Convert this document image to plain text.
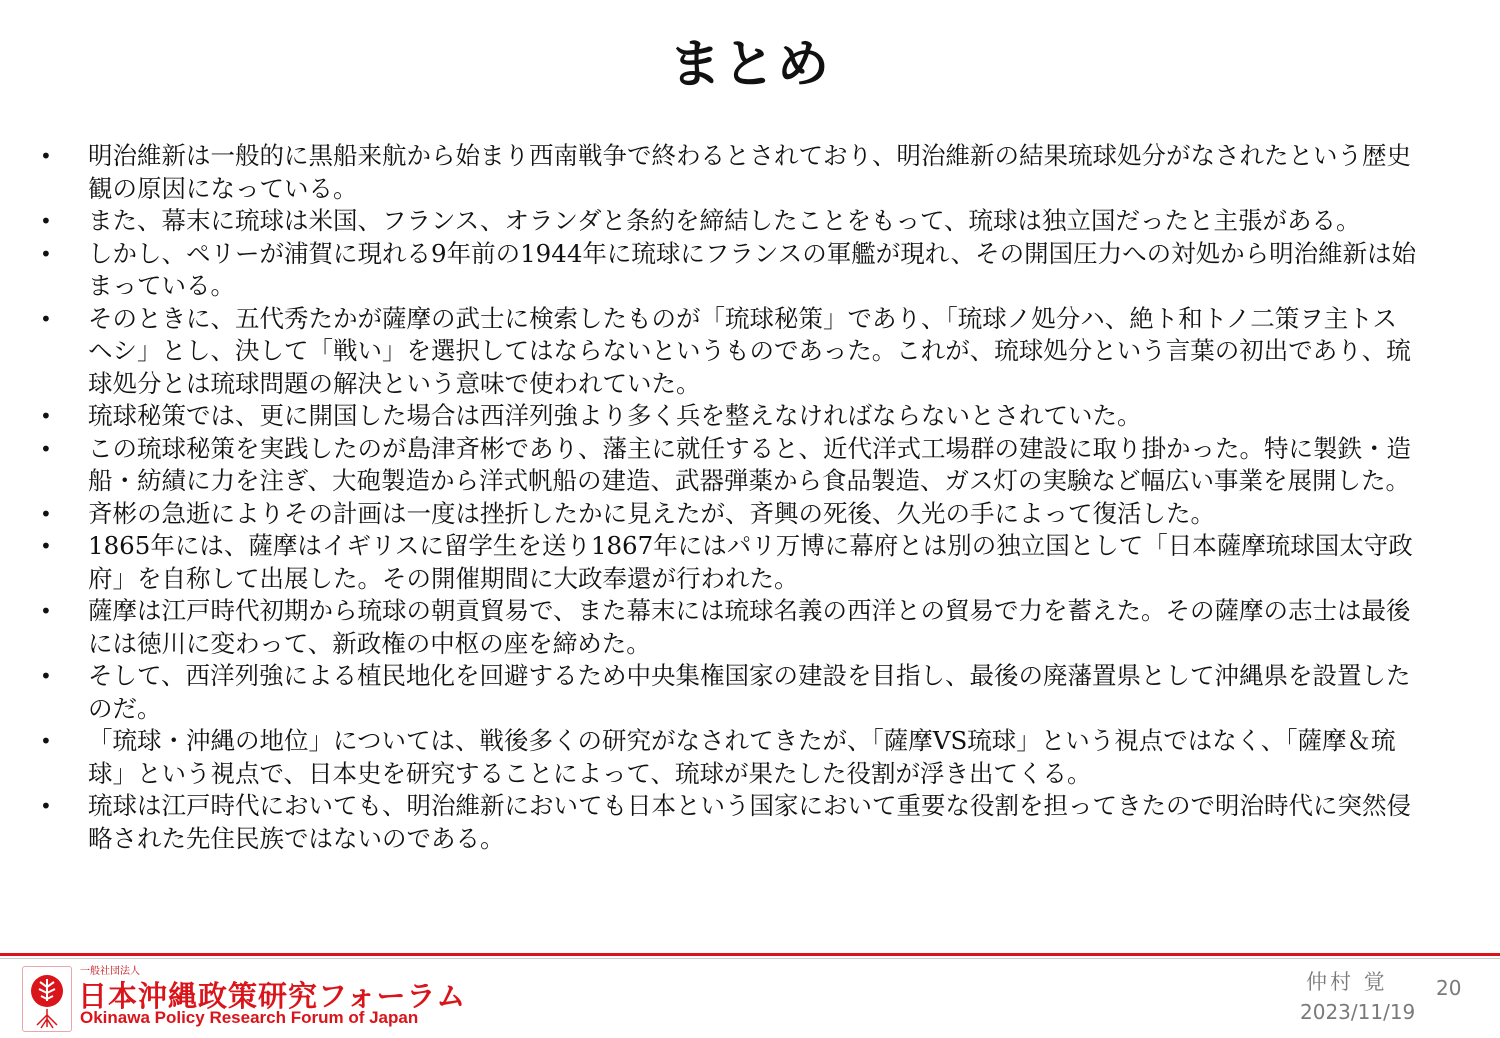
まとめ
• 明治維新は一般的に黒船来航から始まり西南戦争で終わるとされており、明治維新の結果琉球処分がなされたという歴史観の原因になっている。
• また、幕末に琉球は米国、フランス、オランダと条約を締結したことをもって、琉球は独立国だったと主張がある。
• しかし、ペリーが浦賀に現れる9年前の1944年に琉球にフランスの軍艦が現れ、その開国圧力への対処から明治維新は始まっている。
• そのときに、五代秀たかが薩摩の武士に検索したものが「琉球秘策」であり、「琉球ノ処分ハ、絶ト和トノ二策ヲ主トスヘシ」とし、決して「戦い」を選択してはならないというものであった。これが、琉球処分という言葉の初出であり、琉球処分とは琉球問題の解決という意味で使われていた。
• 琉球秘策では、更に開国した場合は西洋列強より多く兵を整えなければならないとされていた。
• この琉球秘策を実践したのが島津斉彬であり、藩主に就任すると、近代洋式工場群の建設に取り掛かった。特に製鉄・造船・紡績に力を注ぎ、大砲製造から洋式帆船の建造、武器弾薬から食品製造、ガス灯の実験など幅広い事業を展開した。
• 斉彬の急逝によりその計画は一度は挫折したかに見えたが、斉興の死後、久光の手によって復活した。
• 1865年には、薩摩はイギリスに留学生を送り1867年にはパリ万博に幕府とは別の独立国として「日本薩摩琉球国太守政府」を自称して出展した。その開催期間に大政奉還が行われた。
• 薩摩は江戸時代初期から琉球の朝貢貿易で、また幕末には琉球名義の西洋との貿易で力を蓄えた。その薩摩の志士は最後には徳川に変わって、新政権の中枢の座を締めた。
• そして、西洋列強による植民地化を回避するため中央集権国家の建設を目指し、最後の廃藩置県として沖縄県を設置したのだ。
• 「琉球・沖縄の地位」については、戦後多くの研究がなされてきたが、「薩摩VS琉球」という視点ではなく、「薩摩＆琉球」という視点で、日本史を研究することによって、琉球が果たした役割が浮き出てくる。
• 琉球は江戸時代においても、明治維新においても日本という国家において重要な役割を担ってきたので明治時代に突然侵略された先住民族ではないのである。
一般社団法人
日本沖縄政策研究フォーラム
Okinawa Policy Research Forum of Japan
仲村 覚
2023/11/19
20
